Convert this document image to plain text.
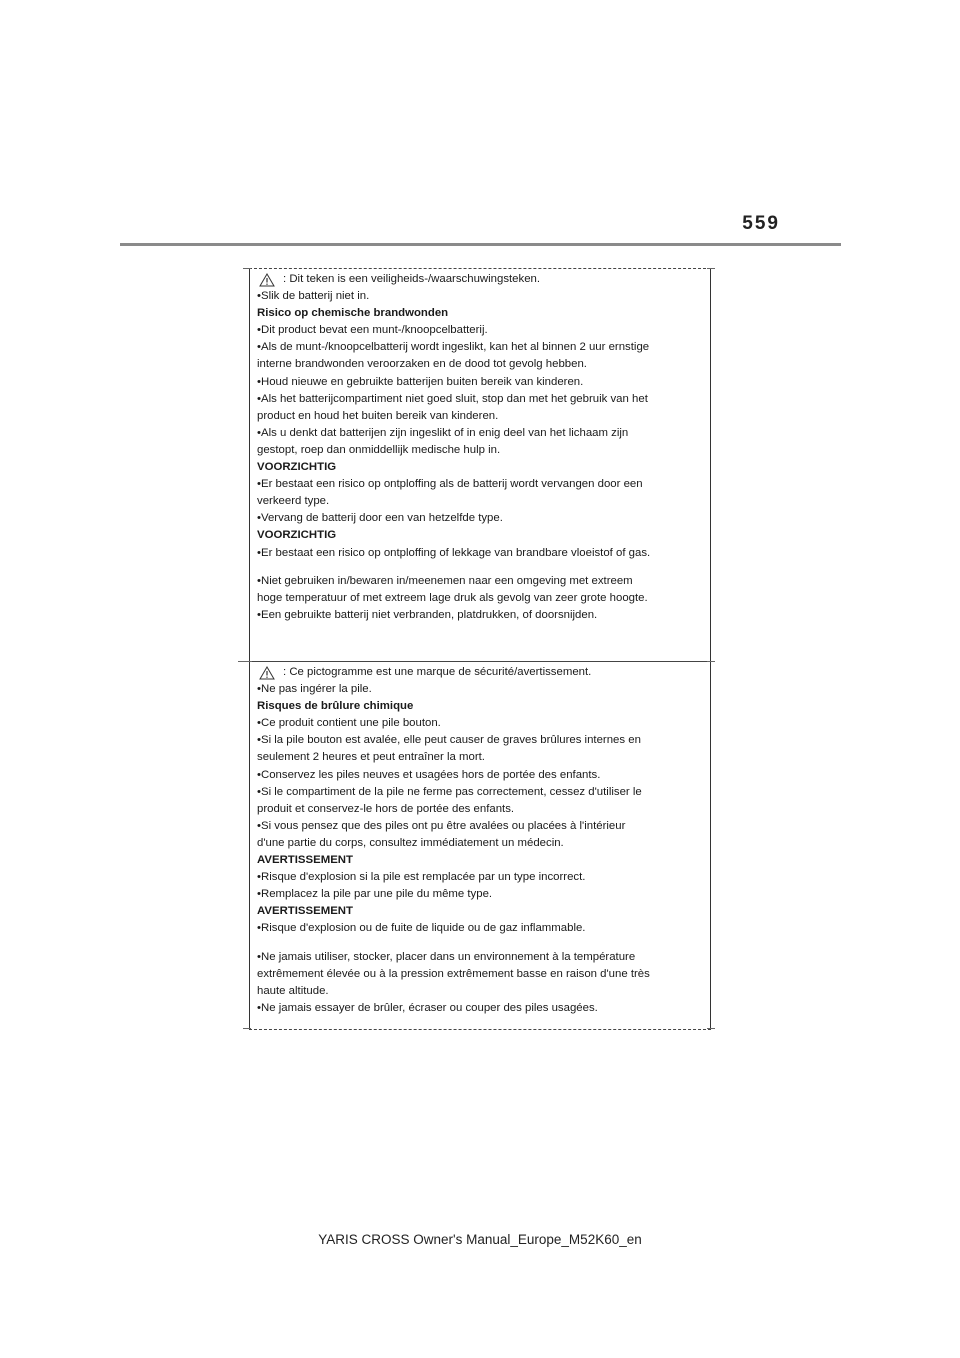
559
: Dit teken is een veiligheids-/waarschuwingsteken.
•Slik de batterij niet in.
Risico op chemische brandwonden
•Dit product bevat een munt-/knoopcelbatterij.
•Als de munt-/knoopcelbatterij wordt ingeslikt, kan het al binnen 2 uur ernstige
interne brandwonden veroorzaken en de dood tot gevolg hebben.
•Houd nieuwe en gebruikte batterijen buiten bereik van kinderen.
•Als het batterijcompartiment niet goed sluit, stop dan met het gebruik van het
product en houd het buiten bereik van kinderen.
•Als u denkt dat batterijen zijn ingeslikt of in enig deel van het lichaam zijn
gestopt, roep dan onmiddellijk medische hulp in.
VOORZICHTIG
•Er bestaat een risico op ontploffing als de batterij wordt vervangen door een
verkeerd type.
•Vervang de batterij door een van hetzelfde type.
VOORZICHTIG
•Er bestaat een risico op ontploffing of lekkage van brandbare vloeistof of gas.
•Niet gebruiken in/bewaren in/meenemen naar een omgeving met extreem
hoge temperatuur of met extreem lage druk als gevolg van zeer grote hoogte.
•Een gebruikte batterij niet verbranden, platdrukken, of doorsnijden.
: Ce pictogramme est une marque de sécurité/avertissement.
•Ne pas ingérer la pile.
Risques de brûlure chimique
•Ce produit contient une pile bouton.
•Si la pile bouton est avalée, elle peut causer de graves brûlures internes en
seulement 2 heures et peut entraîner la mort.
•Conservez les piles neuves et usagées hors de portée des enfants.
•Si le compartiment de la pile ne ferme pas correctement, cessez d'utiliser le
produit et conservez-le hors de portée des enfants.
•Si vous pensez que des piles ont pu être avalées ou placées à l'intérieur
d'une partie du corps, consultez immédiatement un médecin.
AVERTISSEMENT
•Risque d'explosion si la pile est remplacée par un type incorrect.
•Remplacez la pile par une pile du même type.
AVERTISSEMENT
•Risque d'explosion ou de fuite de liquide ou de gaz inflammable.
•Ne jamais utiliser, stocker, placer dans un environnement à la température
extrêmement élevée ou à la pression extrêmement basse en raison d'une très
haute altitude.
•Ne jamais essayer de brûler, écraser ou couper des piles usagées.
YARIS CROSS Owner's Manual_Europe_M52K60_en
